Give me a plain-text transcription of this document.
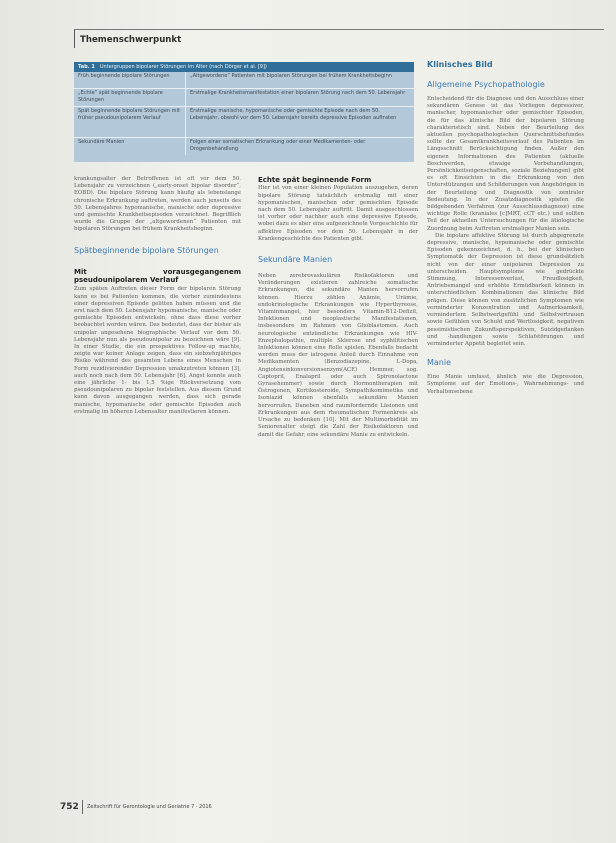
Themenschwerpunkt
Tab. 1 Untergruppen bipolarer Störungen im Alter (nach Dörger et al. [9])
Früh beginnende bipolare Störungen	„Altgewordene“ Patienten mit bipolaren Störungen bei frühem Krankheitsbeginn
„Echte“ spät beginnende bipolare Störungen
Erstmalige Krankheitsmanifestation einer bipolaren Störung nach dem 50. Lebensjahr
Spät beginnende bipolare Störungen mit früher pseudounipolarem Verlauf
Erstmalige manische, hypomanische oder gemischte Episode nach dem 50. Lebensjahr, obwohl vor dem 50. Lebensjahr bereits depressive Episoden auftraten
Sekundäre Manien	Folgen einer somatischen Erkrankung oder einer Medikamenten- oder Drogenbehandlung

krankungsalter der Betroffenen ist oft vor dem 50. Lebensjahr zu verzeichnen („early-onset bipolar disorder“, EOBD). Die bipolare Störung kann häufig als lebenslange chronische Erkrankung auftreten, werden auch jenseits des 50. Lebensjahres hypomanische, manische oder depressive und gemischte Krankheitsepisoden verzeichnet. Begrifflich wurde die Gruppe der „altgewordenen“ Patienten mit bipolaren Störungen bei frühem Krankheitsbeginn.

Spätbeginnende bipolare Störungen
Mit vorausgegangenem pseudounipolarem Verlauf

Zum späten Auftreten dieser Form der bipolaren Störung kann es bei Patienten kommen, die vorher zumindestens einer depressiven Episode gelitten haben müssen und die erst nach dem 50. Lebensjahr hypomanische, manische oder gemischte Episoden entwickeln, ohne dass diese vorher beobachtet worden wären. Das bedeutet, dass der bisher als unipolar angesehene biographische Verlauf vor dem 50. Lebensjahr nun als pseudounipolar zu bezeichnen wäre [9]. In einer Studie, die ein prospektives Follow-up machte, zeigte war keiner Anlage zeigen, dass ein siebzehnjähriges Risiko während des gesamten Lebens eines Menschen in Form rezidivierender Depression umakzutreten können [3], auch noch nach dem 50. Lebensjahr [6]. Angst konnte auch eine jährliche 1- bis 1,5 %ige Rückversetzung vom pseudounipolaren zu bipolar feststellen. Aus diesem Grund kann davon ausgegangen werden, dass sich gerade manische, hypomanische oder gemischte Episoden auch erstmalig im höheren Lebensalter manifestieren können.

Echte spät beginnende Form

Hier ist von einer kleinen Population auszugehen, deren bipolare Störung tatsächlich erstmalig mit einer hypomanischen, manischen oder gemischten Episode nach dem 50. Lebensjahr auftritt. Damit ausgeschlossen ist vorher oder nachher auch eine depressive Episode, wobei dazu es aber eine aufgezeichnete Vorgeschichte für affektive Episoden vor dem 50. Lebensjahr in der Krankengeschichte des Patienten gibt.

Sekundäre Manien

Neben zerebrovaskulären Risikofaktoren und Veränderungen existieren zahlreiche somatische Erkrankungen, die sekundäre Manien hervorrufen können. Hierzu zählen Anämie, Urämie, endokrinologische Erkrankungen wie Hyperthyreose, Vitaminmangel, hier besonders Vitamin-B12-Defizit, Infektionen und neoplastische Manifestationen, insbesondere im Rahmen von Glioblastomen. Auch neurologische entzündliche Erkrankungen wie HIV-Enzephalopathie, multiple Sklerose und syphilitischen Infektionen können eine Rolle spielen. Ebenfalls bedacht werden muss der iatrogene Anteil durch Einnahme von Medikamenten (Benzodiazepine, L-Dopa, Angiotensinkonversionsenzym(ACE) Hemmer, sog. Captopril, Enalapril oder auch Spironolactone Gyrasehemmer) sowie durch Hormontherapien mit Östrogenen, Kortikosteroide, Sympathikomimetika und Isoniazid können ebenfalls sekundäre Manien hervorrufen. Daneben sind raumfordernde Läsionen und Erkrankungen aus dem rheumatischen Formenkreis als Ursache zu bedenken [10]. Mit der Multimorbidität im Seniorenalter steigt die Zahl der Risikofaktoren und damit die Gefahr, eine sekundäre Manie zu entwickeln.

Klinisches Bild
Allgemeine Psychopathologie

Entscheidend für die Diagnose und den Ausschluss einer sekundären Genese ist das Vorliegen depressiver, manischer, hypomanischer oder gemischter Episoden, die für das klinische Bild der bipolaren Störung charakteristisch sind. Neben der Beurteilung des aktuellen psychopathologischen Querschnittsbefundes sollte der Gesamtkrankheitsverlauf des Patienten im Längsschnitt Berücksichtigung finden. Außer den eigenen Informationen des Patienten (aktuelle Beschwerden, etwaige Vorbehandlungen, Persönlichkeitseigenschaften, soziale Beziehungen) gibt es oft Einsichten in die Erkrankung von den Unterstützungen und Schilderungen von Angehörigen in der Beurteilung und Diagnostik von zentraler Bedeutung. In der Zusatzdiagnostik spielen die bildgebenden Verfahren (zur Ausschlussdiagnose) eine wichtige Rolle (kraniales [c]MRT, cCT etc.) und sollten Teil der aktuellen Untersuchungen für die ätiologische Zuordnung beim Auftreten erstmaliger Manien sein.

Die bipolare affektive Störung ist durch abgegrenzte depressive, manische, hypomanische oder gemischte Episoden gekennzeichnet, d. h., bei der klinischen Symptomatik der Depression ist diese grundsätzlich nicht von der einer unipolaren Depression zu unterscheiden. Hauptsymptome wie gedrückte Stimmung, Interessenverlust, Freudlosigkeit, Antriebsmangel und erhöhte Ermüdbarkeit können in unterschiedlichen Kombinationen das klinische Bild prägen. Diese können von zusätzlichen Symptomen wie verminderter Konzentration und Aufmerksamkeit, vermindertem Selbstwertgefühl und Selbstvertrauen sowie Gefühlen von Schuld und Wertlosigkeit, negativen pessimistischen Zukunftsperspektiven, Suizidgedanken und -handlungen sowie Schlafstörungen und verminderter Appetit begleitet sein.

Manie

Eine Manie umfasst, ähnlich wie die Depression, Symptome auf der Emotions-, Wahrnehmungs- und Verhaltensebene

752 Zeitschrift für Gerontologie und Geriatrie 7 · 2016
